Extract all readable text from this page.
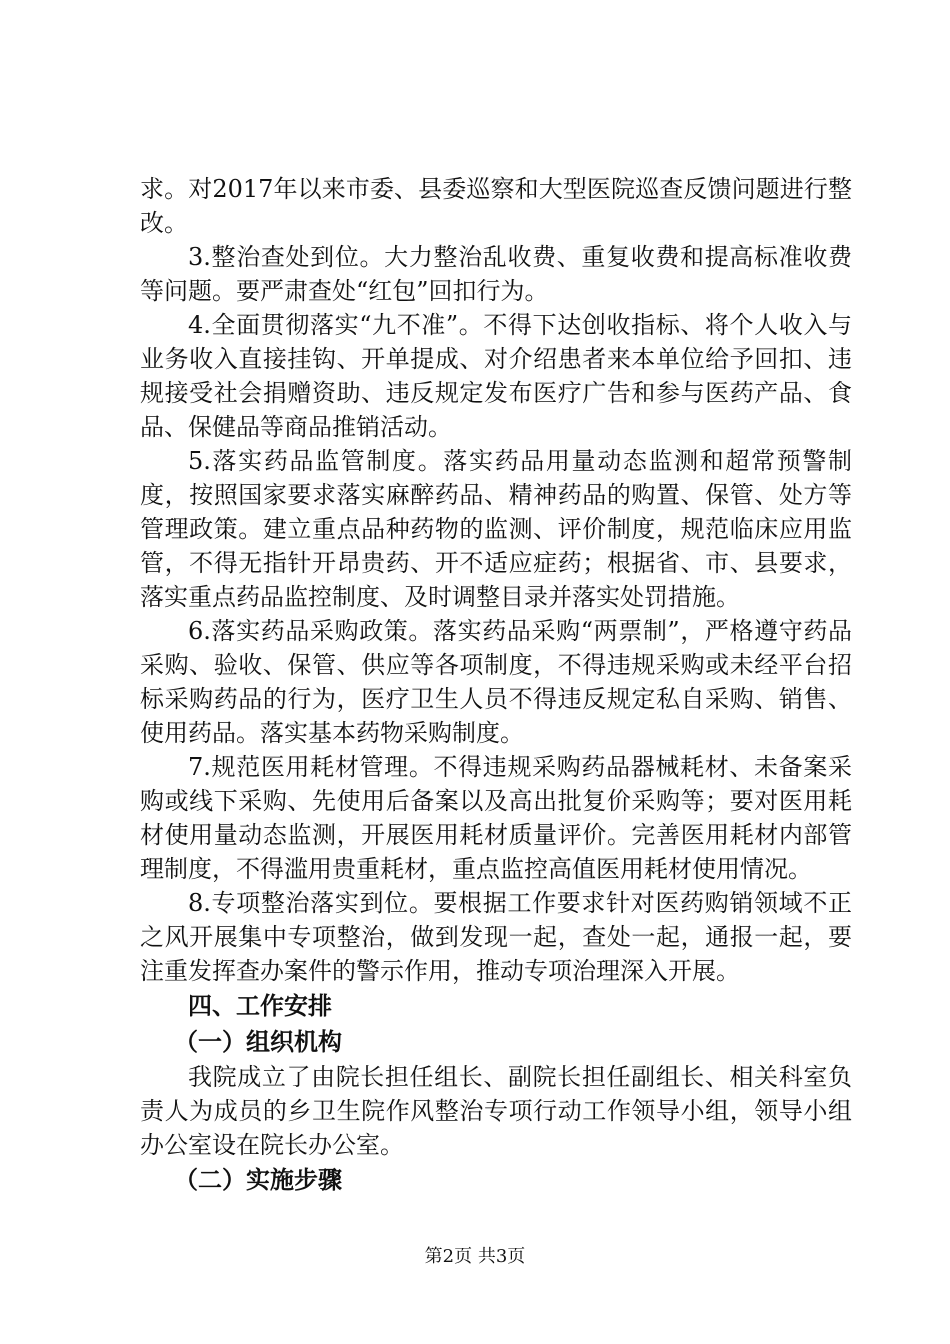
求。对2017年以来市委、县委巡察和大型医院巡查反馈问题进行整改。

3.整治查处到位。大力整治乱收费、重复收费和提高标准收费等问题。要严肃查处“红包”回扣行为。

4.全面贯彻落实“九不准”。不得下达创收指标、将个人收入与业务收入直接挂钩、开单提成、对介绍患者来本单位给予回扣、违规接受社会捐赠资助、违反规定发布医疗广告和参与医药产品、食品、保健品等商品推销活动。

5.落实药品监管制度。落实药品用量动态监测和超常预警制度，按照国家要求落实麻醉药品、精神药品的购置、保管、处方等管理政策。建立重点品种药物的监测、评价制度，规范临床应用监管，不得无指针开昂贵药、开不适应症药；根据省、市、县要求，落实重点药品监控制度、及时调整目录并落实处罚措施。

6.落实药品采购政策。落实药品采购“两票制”，严格遵守药品采购、验收、保管、供应等各项制度，不得违规采购或未经平台招标采购药品的行为，医疗卫生人员不得违反规定私自采购、销售、使用药品。落实基本药物采购制度。

7.规范医用耗材管理。不得违规采购药品器械耗材、未备案采购或线下采购、先使用后备案以及高出批复价采购等；要对医用耗材使用量动态监测，开展医用耗材质量评价。完善医用耗材内部管理制度，不得滥用贵重耗材，重点监控高值医用耗材使用情况。

8.专项整治落实到位。要根据工作要求针对医药购销领域不正之风开展集中专项整治，做到发现一起，查处一起，通报一起，要注重发挥查办案件的警示作用，推动专项治理深入开展。

四、工作安排

（一）组织机构

我院成立了由院长担任组长、副院长担任副组长、相关科室负责人为成员的乡卫生院作风整治专项行动工作领导小组，领导小组办公室设在院长办公室。

（二）实施步骤

第2页 共3页
